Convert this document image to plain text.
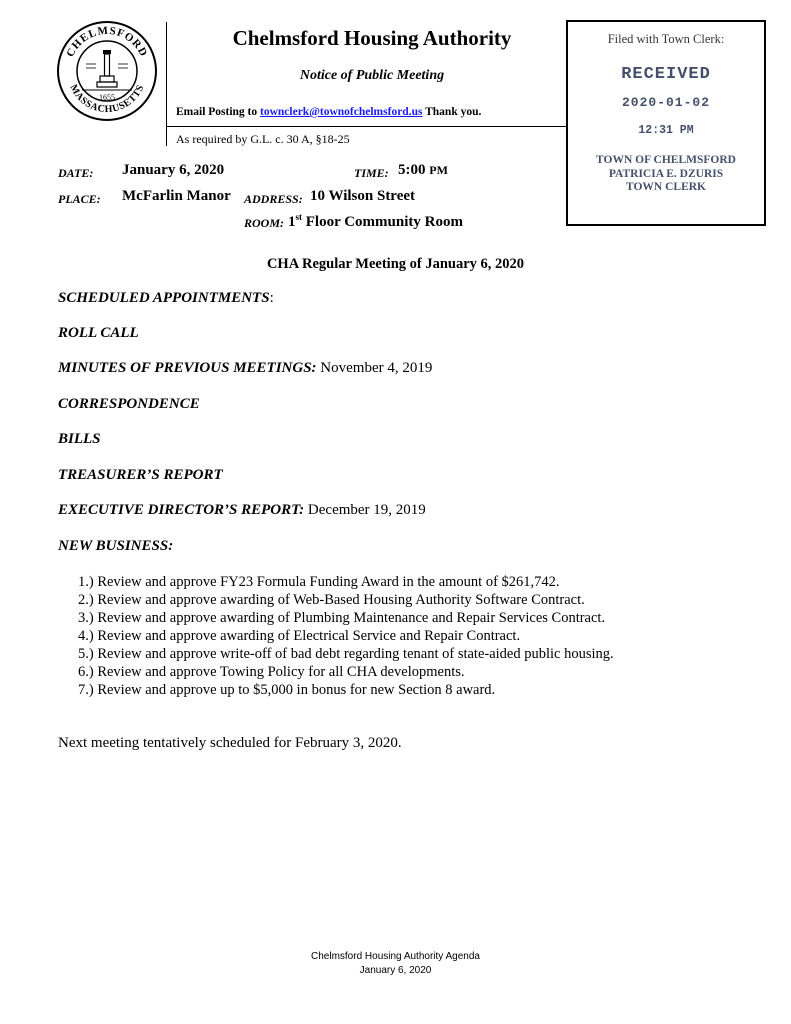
CHELMSFORD
MASSACHUSETTS
1655
Chelmsford Housing Authority
Notice of Public Meeting
Email Posting to townclerk@townofchelmsford.us Thank you.
As required by G.L. c. 30 A, §18-25
Filed with Town Clerk:
RECEIVED
2020-01-02
12:31 PM
TOWN OF CHELMSFORD
PATRICIA E. DZURIS
TOWN CLERK
DATE: January 6, 2020	TIME: 5:00 PM
PLACE: McFarlin Manor ADDRESS: 10 Wilson Street
ROOM: 1st Floor Community Room
CHA Regular Meeting of January 6, 2020
SCHEDULED APPOINTMENTS:
ROLL CALL
MINUTES OF PREVIOUS MEETINGS: November 4, 2019
CORRESPONDENCE
BILLS
TREASURER’S REPORT
EXECUTIVE DIRECTOR’S REPORT: December 19, 2019
NEW BUSINESS:
1.) Review and approve FY23 Formula Funding Award in the amount of $261,742.
2.) Review and approve awarding of Web-Based Housing Authority Software Contract.
3.) Review and approve awarding of Plumbing Maintenance and Repair Services Contract.
4.) Review and approve awarding of Electrical Service and Repair Contract.
5.) Review and approve write-off of bad debt regarding tenant of state-aided public housing.
6.) Review and approve Towing Policy for all CHA developments.
7.) Review and approve up to $5,000 in bonus for new Section 8 award.
Next meeting tentatively scheduled for February 3, 2020.
Chelmsford Housing Authority Agenda
January 6, 2020
